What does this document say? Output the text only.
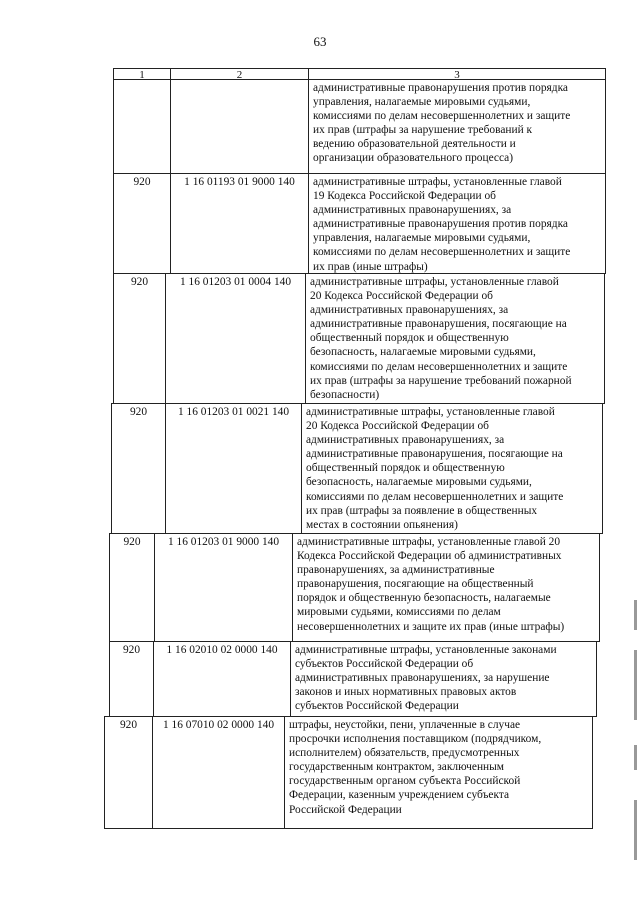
63
1	2	3
административные правонарушения против порядка
управления, налагаемые мировыми судьями,
комиссиями по делам несовершеннолетних и защите
их прав (штрафы за нарушение требований к
ведению образовательной деятельности и
организации образовательного процесса)
920	1 16 01193 01 9000 140	административные штрафы, установленные главой
19 Кодекса Российской Федерации об
административных правонарушениях, за
административные правонарушения против порядка
управления, налагаемые мировыми судьями,
комиссиями по делам несовершеннолетних и защите
их прав (иные штрафы)
920	1 16 01203 01 0004 140	административные штрафы, установленные главой
20 Кодекса Российской Федерации об
административных правонарушениях, за
административные правонарушения, посягающие на
общественный порядок и общественную
безопасность, налагаемые мировыми судьями,
комиссиями по делам несовершеннолетних и защите
их прав (штрафы за нарушение требований пожарной
безопасности)
920	1 16 01203 01 0021 140	административные штрафы, установленные главой
20 Кодекса Российской Федерации об
административных правонарушениях, за
административные правонарушения, посягающие на
общественный порядок и общественную
безопасность, налагаемые мировыми судьями,
комиссиями по делам несовершеннолетних и защите
их прав (штрафы за появление в общественных
местах в состоянии опьянения)
920	1 16 01203 01 9000 140	административные штрафы, установленные главой 20
Кодекса Российской Федерации об административных
правонарушениях, за административные
правонарушения, посягающие на общественный
порядок и общественную безопасность, налагаемые
мировыми судьями, комиссиями по делам
несовершеннолетних и защите их прав (иные штрафы)
920	1 16 02010 02 0000 140	административные штрафы, установленные законами
субъектов Российской Федерации об
административных правонарушениях, за нарушение
законов и иных нормативных правовых актов
субъектов Российской Федерации
920	1 16 07010 02 0000 140	штрафы, неустойки, пени, уплаченные в случае
просрочки исполнения поставщиком (подрядчиком,
исполнителем) обязательств, предусмотренных
государственным контрактом, заключенным
государственным органом субъекта Российской
Федерации, казенным учреждением субъекта
Российской Федерации
